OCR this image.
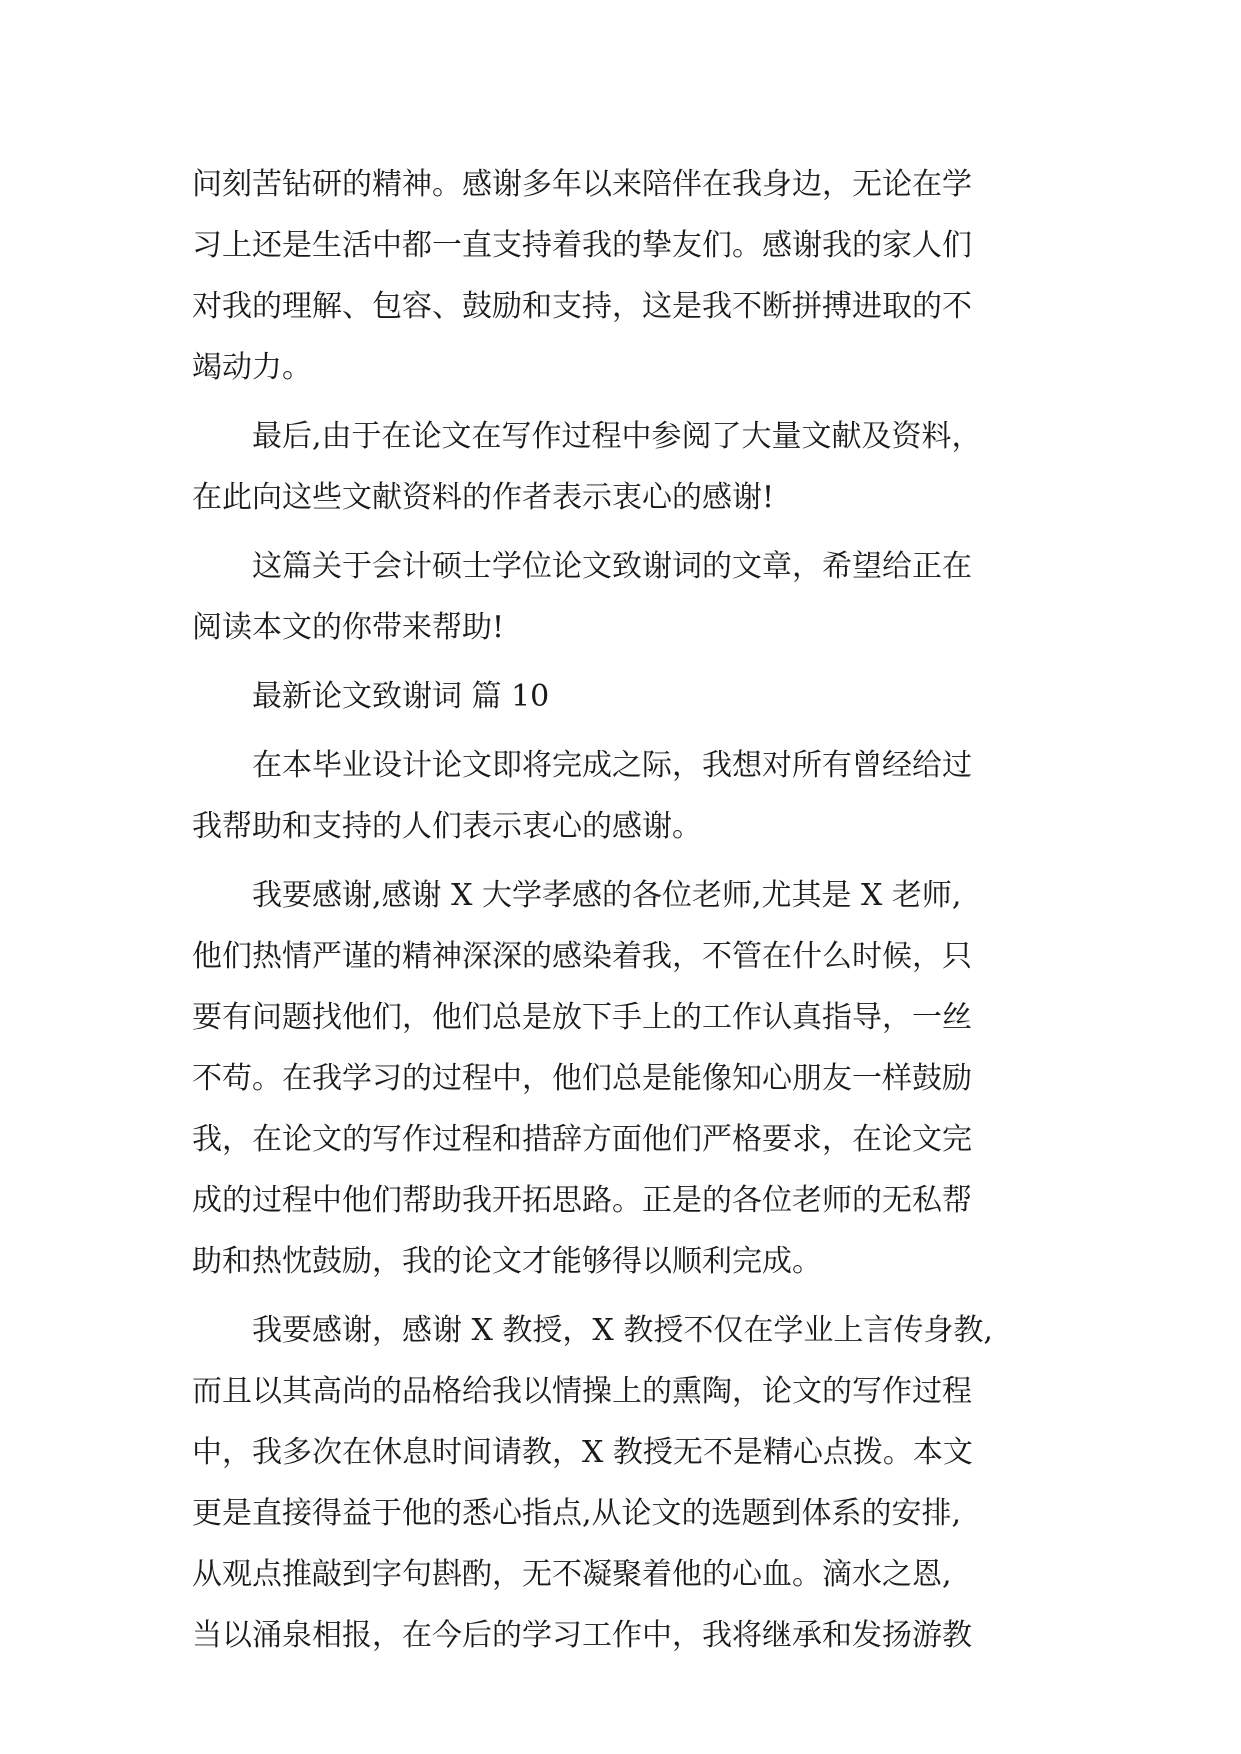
问刻苦钻研的精神。感谢多年以来陪伴在我身边，无论在学
习上还是生活中都一直支持着我的挚友们。感谢我的家人们
对我的理解、包容、鼓励和支持，这是我不断拼搏进取的不
竭动力。
最后,由于在论文在写作过程中参阅了大量文献及资料，
在此向这些文献资料的作者表示衷心的感谢!
这篇关于会计硕士学位论文致谢词的文章，希望给正在
阅读本文的你带来帮助!
最新论文致谢词 篇 10
在本毕业设计论文即将完成之际，我想对所有曾经给过
我帮助和支持的人们表示衷心的感谢。
我要感谢,感谢 X 大学孝感的各位老师,尤其是 X 老师,
他们热情严谨的精神深深的感染着我，不管在什么时候，只
要有问题找他们，他们总是放下手上的工作认真指导，一丝
不苟。在我学习的过程中，他们总是能像知心朋友一样鼓励
我，在论文的写作过程和措辞方面他们严格要求，在论文完
成的过程中他们帮助我开拓思路。正是的各位老师的无私帮
助和热忱鼓励，我的论文才能够得以顺利完成。
我要感谢，感谢 X 教授，X 教授不仅在学业上言传身教,
而且以其高尚的品格给我以情操上的熏陶，论文的写作过程
中，我多次在休息时间请教，X 教授无不是精心点拨。本文
更是直接得益于他的悉心指点,从论文的选题到体系的安排,
从观点推敲到字句斟酌，无不凝聚着他的心血。滴水之恩,
当以涌泉相报，在今后的学习工作中，我将继承和发扬游教
